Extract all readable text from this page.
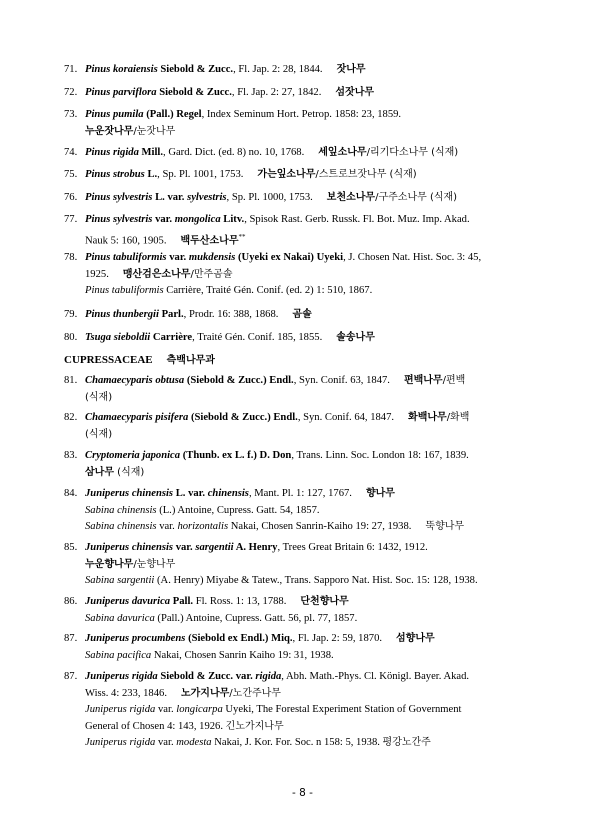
71. Pinus koraiensis Siebold & Zucc., Fl. Jap. 2: 28, 1844. 잣나무
72. Pinus parviflora Siebold & Zucc., Fl. Jap. 2: 27, 1842. 섬잣나무
73. Pinus pumila (Pall.) Regel, Index Seminum Hort. Petrop. 1858: 23, 1859.
누운잣나무/눈잣나무
74. Pinus rigida Mill., Gard. Dict. (ed. 8) no. 10, 1768. 세잎소나무/리기다소나무 (식재)
75. Pinus strobus L., Sp. Pl. 1001, 1753. 가는잎소나무/스트로브잣나무 (식재)
76. Pinus sylvestris L. var. sylvestris, Sp. Pl. 1000, 1753. 보천소나무/구주소나무 (식재)
77. Pinus sylvestris var. mongolica Litv., Spisok Rast. Gerb. Russk. Fl. Bot. Muz. Imp. Akad.
Nauk 5: 160, 1905. 백두산소나무**
78. Pinus tabuliformis var. mukdensis (Uyeki ex Nakai) Uyeki, J. Chosen Nat. Hist. Soc. 3: 45,
1925. 맹산검은소나무/만주곰솔
Pinus tabuliformis Carrière, Traité Gén. Conif. (ed. 2) 1: 510, 1867.
79. Pinus thunbergii Parl., Prodr. 16: 388, 1868. 곰솔
80. Tsuga sieboldii Carrière, Traité Gén. Conif. 185, 1855. 솔송나무
CUPRESSACEAE 측백나무과
81. Chamaecyparis obtusa (Siebold & Zucc.) Endl., Syn. Conif. 63, 1847. 편백나무/편백
(식재)
82. Chamaecyparis pisifera (Siebold & Zucc.) Endl., Syn. Conif. 64, 1847. 화백나무/화백
(식재)
83. Cryptomeria japonica (Thunb. ex L. f.) D. Don, Trans. Linn. Soc. London 18: 167, 1839.
삼나무 (식재)
84. Juniperus chinensis L. var. chinensis, Mant. Pl. 1: 127, 1767. 향나무
Sabina chinensis (L.) Antoine, Cupress. Gatt. 54, 1857.
Sabina chinensis var. horizontalis Nakai, Chosen Sanrin-Kaiho 19: 27, 1938. 뚝향나무
85. Juniperus chinensis var. sargentii A. Henry, Trees Great Britain 6: 1432, 1912.
누운향나무/눈향나무
Sabina sargentii (A. Henry) Miyabe & Tatew., Trans. Sapporo Nat. Hist. Soc. 15: 128, 1938.
86. Juniperus davurica Pall. Fl. Ross. 1: 13, 1788. 단천향나무
Sabina davurica (Pall.) Antoine, Cupress. Gatt. 56, pl. 77, 1857.
87. Juniperus procumbens (Siebold ex Endl.) Miq., Fl. Jap. 2: 59, 1870. 섬향나무
Sabina pacifica Nakai, Chosen Sanrin Kaiho 19: 31, 1938.
87. Juniperus rigida Siebold & Zucc. var. rigida, Abh. Math.-Phys. Cl. Königl. Bayer. Akad.
Wiss. 4: 233, 1846. 노가지나무/노간주나무
Juniperus rigida var. longicarpa Uyeki, The Forestal Experiment Station of Government
General of Chosen 4: 143, 1926. 긴노가지나무
Juniperus rigida var. modesta Nakai, J. Kor. For. Soc. n 158: 5, 1938. 평강노간주
- 8 -
